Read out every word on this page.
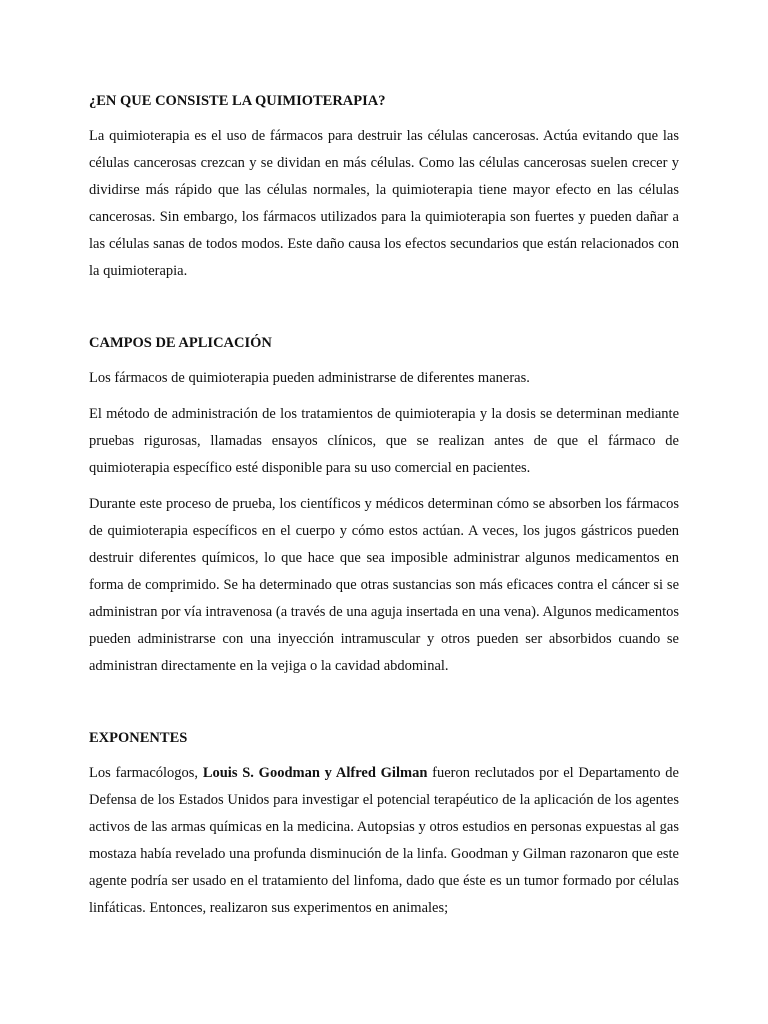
¿EN QUE CONSISTE LA QUIMIOTERAPIA?

La quimioterapia es el uso de fármacos para destruir las células cancerosas. Actúa evitando que las células cancerosas crezcan y se dividan en más células. Como las células cancerosas suelen crecer y dividirse más rápido que las células normales, la quimioterapia tiene mayor efecto en las células cancerosas. Sin embargo, los fármacos utilizados para la quimioterapia son fuertes y pueden dañar a las células sanas de todos modos. Este daño causa los efectos secundarios que están relacionados con la quimioterapia.

CAMPOS DE APLICACIÓN

Los fármacos de quimioterapia pueden administrarse de diferentes maneras.

El método de administración de los tratamientos de quimioterapia y la dosis se determinan mediante pruebas rigurosas, llamadas ensayos clínicos, que se realizan antes de que el fármaco de quimioterapia específico esté disponible para su uso comercial en pacientes.

Durante este proceso de prueba, los científicos y médicos determinan cómo se absorben los fármacos de quimioterapia específicos en el cuerpo y cómo estos actúan. A veces, los jugos gástricos pueden destruir diferentes químicos, lo que hace que sea imposible administrar algunos medicamentos en forma de comprimido. Se ha determinado que otras sustancias son más eficaces contra el cáncer si se administran por vía intravenosa (a través de una aguja insertada en una vena). Algunos medicamentos pueden administrarse con una inyección intramuscular y otros pueden ser absorbidos cuando se administran directamente en la vejiga o la cavidad abdominal.

EXPONENTES

Los farmacólogos, Louis S. Goodman y Alfred Gilman fueron reclutados por el Departamento de Defensa de los Estados Unidos para investigar el potencial terapéutico de la aplicación de los agentes activos de las armas químicas en la medicina. Autopsias y otros estudios en personas expuestas al gas mostaza había revelado una profunda disminución de la linfa. Goodman y Gilman razonaron que este agente podría ser usado en el tratamiento del linfoma, dado que éste es un tumor formado por células linfáticas. Entonces, realizaron sus experimentos en animales;
